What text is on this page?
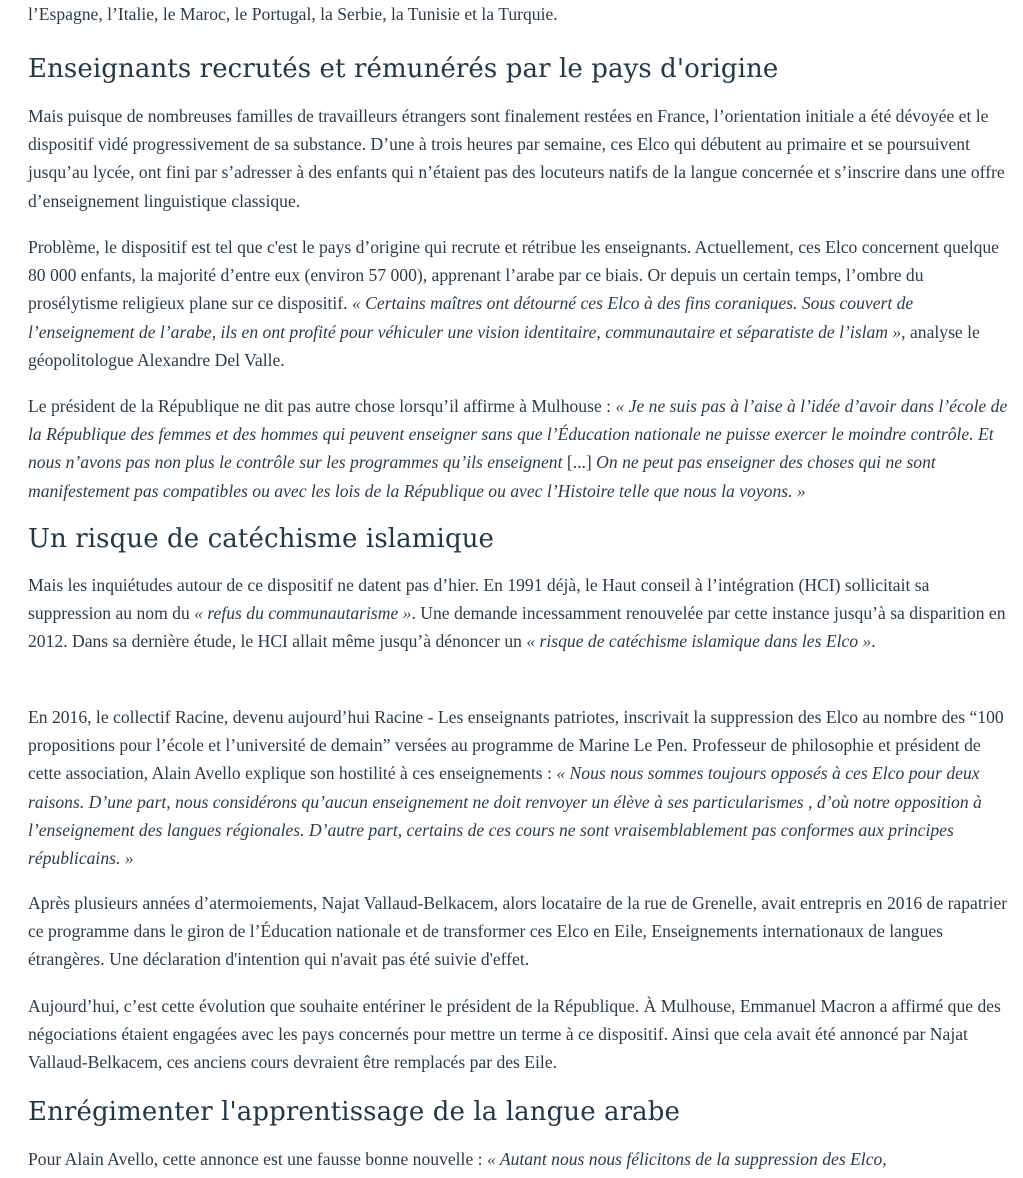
l’Espagne, l’Italie, le Maroc, le Portugal, la Serbie, la Tunisie et la Turquie.

Enseignants recrutés et rémunérés par le pays d'origine

Mais puisque de nombreuses familles de travailleurs étrangers sont finalement restées en France, l’orientation initiale a été dévoyée et le dispositif vidé progressivement de sa substance. D’une à trois heures par semaine, ces Elco qui débutent au primaire et se poursuivent jusqu’au lycée, ont fini par s’adresser à des enfants qui n’étaient pas des locuteurs natifs de la langue concernée et s’inscrire dans une offre d’enseignement linguistique classique.

Problème, le dispositif est tel que c'est le pays d’origine qui recrute et rétribue les enseignants. Actuellement, ces Elco concernent quelque 80 000 enfants, la majorité d’entre eux (environ 57 000), apprenant l’arabe par ce biais. Or depuis un certain temps, l’ombre du prosélytisme religieux plane sur ce dispositif. « Certains maîtres ont détourné ces Elco à des fins coraniques. Sous couvert de l’enseignement de l’arabe, ils en ont profité pour véhiculer une vision identitaire, communautaire et séparatiste de l’islam », analyse le géopolitologue Alexandre Del Valle.

Le président de la République ne dit pas autre chose lorsqu’il affirme à Mulhouse : « Je ne suis pas à l’aise à l’idée d’avoir dans l’école de la République des femmes et des hommes qui peuvent enseigner sans que l’Éducation nationale ne puisse exercer le moindre contrôle. Et nous n’avons pas non plus le contrôle sur les programmes qu’ils enseignent [...] On ne peut pas enseigner des choses qui ne sont manifestement pas compatibles ou avec les lois de la République ou avec l’Histoire telle que nous la voyons. »

Un risque de catéchisme islamique

Mais les inquiétudes autour de ce dispositif ne datent pas d’hier. En 1991 déjà, le Haut conseil à l’intégration (HCI) sollicitait sa suppression au nom du « refus du communautarisme ». Une demande incessamment renouvelée par cette instance jusqu’à sa disparition en 2012. Dans sa dernière étude, le HCI allait même jusqu’à dénoncer un « risque de catéchisme islamique dans les Elco ».

En 2016, le collectif Racine, devenu aujourd’hui Racine - Les enseignants patriotes, inscrivait la suppression des Elco au nombre des “100 propositions pour l’école et l’université de demain” versées au programme de Marine Le Pen. Professeur de philosophie et président de cette association, Alain Avello explique son hostilité à ces enseignements : « Nous nous sommes toujours opposés à ces Elco pour deux raisons. D’une part, nous considérons qu’aucun enseignement ne doit renvoyer un élève à ses particularismes , d’où notre opposition à l’enseignement des langues régionales. D’autre part, certains de ces cours ne sont vraisemblablement pas conformes aux principes républicains. »

Après plusieurs années d’atermoiements, Najat Vallaud-Belkacem, alors locataire de la rue de Grenelle, avait entrepris en 2016 de rapatrier ce programme dans le giron de l’Éducation nationale et de transformer ces Elco en Eile, Enseignements internationaux de langues étrangères. Une déclaration d'intention qui n'avait pas été suivie d'effet.

Aujourd’hui, c’est cette évolution que souhaite entériner le président de la République. À Mulhouse, Emmanuel Macron a affirmé que des négociations étaient engagées avec les pays concernés pour mettre un terme à ce dispositif. Ainsi que cela avait été annoncé par Najat Vallaud-Belkacem, ces anciens cours devraient être remplacés par des Eile.

Enrégimenter l'apprentissage de la langue arabe

Pour Alain Avello, cette annonce est une fausse bonne nouvelle : « Autant nous nous félicitons de la suppression des Elco,
